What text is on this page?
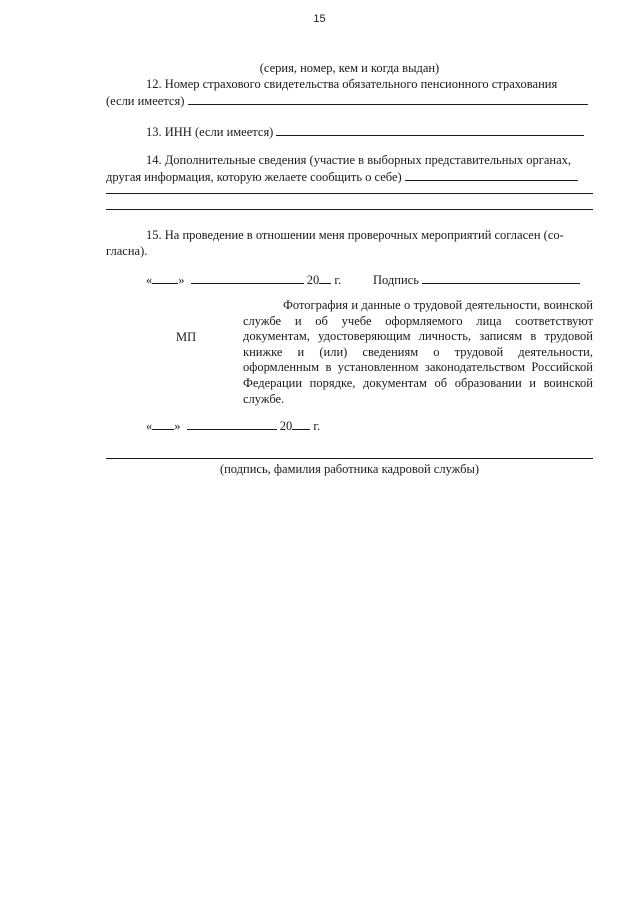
15
(серия, номер, кем и когда выдан)
12. Номер страхового свидетельства обязательного пенсионного страхования
(если имеется)
13. ИНН (если имеется)
14. Дополнительные сведения (участие в выборных представительных органах,
другая информация, которую желаете сообщить о себе)
15. На проведение в отношении меня проверочных мероприятий согласен (со-
гласна).
« »	20 г.	Подпись
МП
Фотография и данные о трудовой деятельности, воинской службе и об учебе оформляемого лица соответствуют документам, удостоверяющим личность, записям в трудовой книжке и (или) сведениям о трудовой деятельности, оформленным в установленном законодательством Российской Федерации порядке, документам об образовании и воинской службе.
« »	20 г.
(подпись, фамилия работника кадровой службы)
